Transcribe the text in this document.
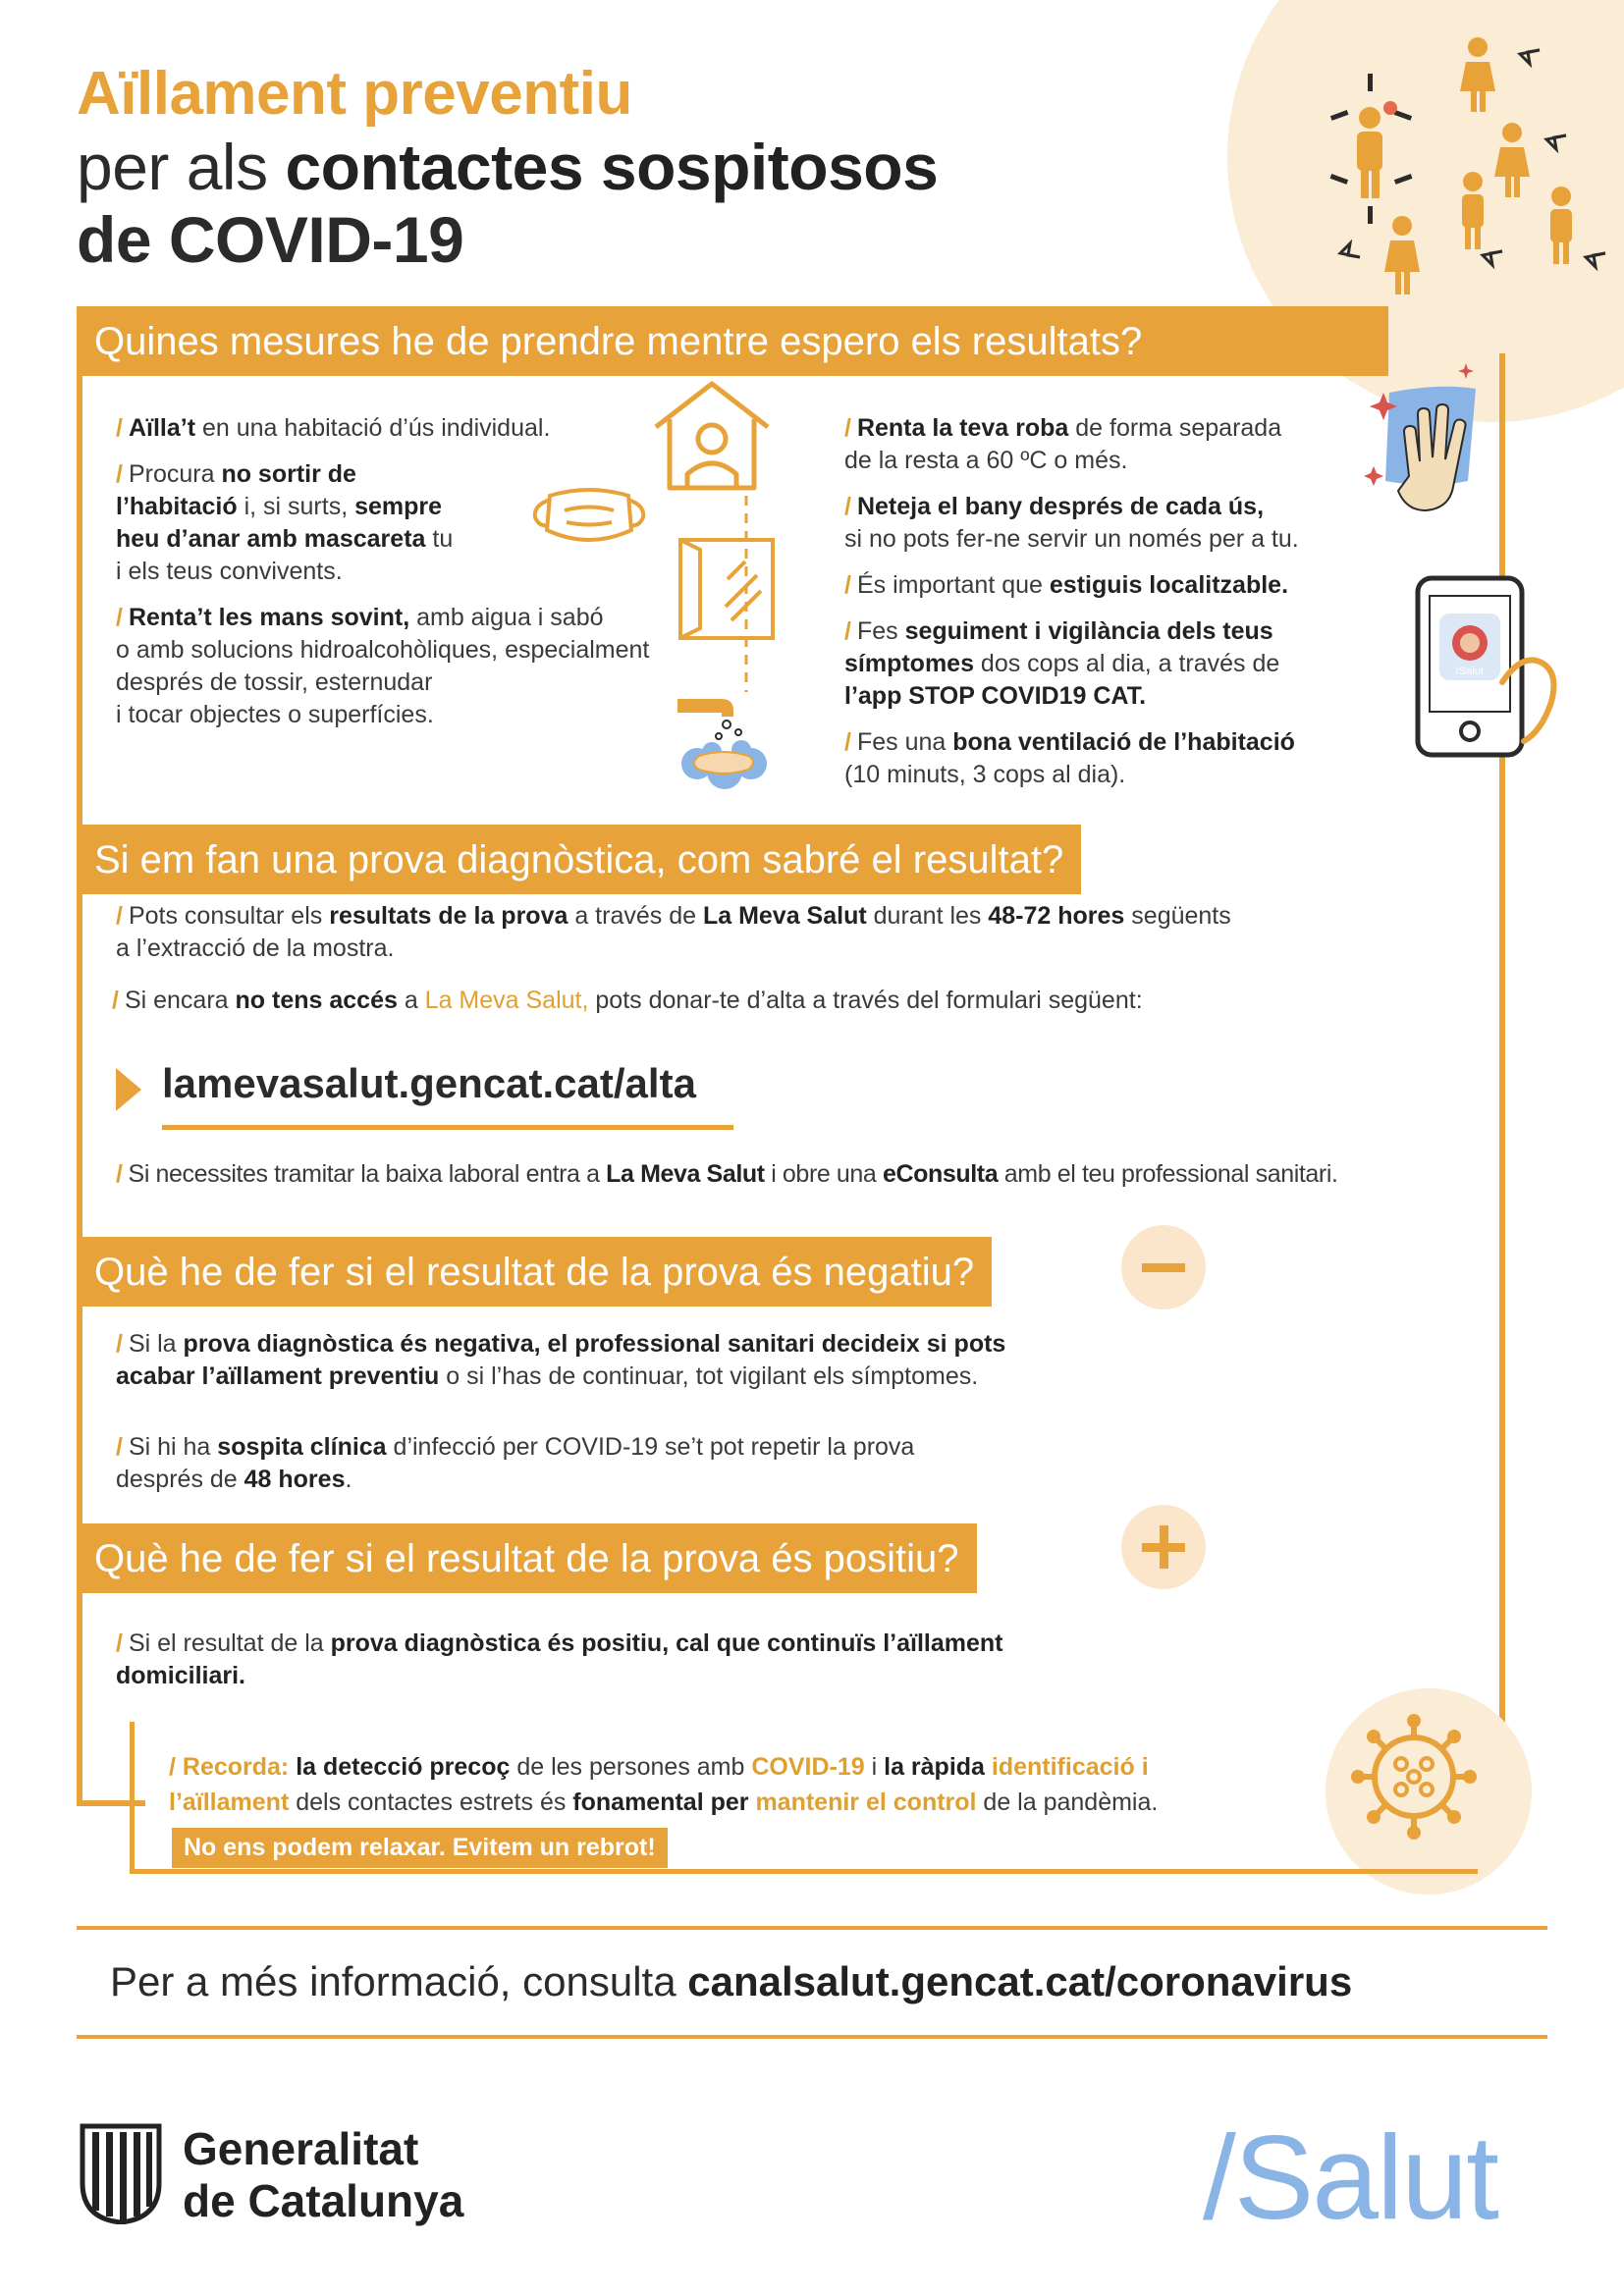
Aïllament preventiu
per als contactes sospitosos
de COVID-19
Quines mesures he de prendre mentre espero els resultats?
/ Aïlla’t en una habitació d’ús individual.
/ Procura no sortir de
l’habitació i, si surts, sempre
heu d’anar amb mascareta tu
i els teus convivents.
/ Renta’t les mans sovint, amb aigua i sabó
o amb solucions hidroalcohòliques, especialment
després de tossir, esternudar
i tocar objectes o superfícies.
/ Renta la teva roba de forma separada
de la resta a 60 ºC o més.
/ Neteja el bany després de cada ús,
si no pots fer-ne servir un només per a tu.
/ És important que estiguis localitzable.
/ Fes seguiment i vigilància dels teus
símptomes dos cops al dia, a través de
l’app STOP COVID19 CAT.
/ Fes una bona ventilació de l’habitació
(10 minuts, 3 cops al dia).
/Salut
Si em fan una prova diagnòstica, com sabré el resultat?
/ Pots consultar els resultats de la prova a través de La Meva Salut durant les 48-72 hores següents
a l’extracció de la mostra.
/ Si encara no tens accés a La Meva Salut, pots donar-te d’alta a través del formulari següent:
lamevasalut.gencat.cat/alta
/ Si necessites tramitar la baixa laboral entra a La Meva Salut i obre una eConsulta amb el teu professional sanitari.
Què he de fer si el resultat de la prova és negatiu?
/ Si la prova diagnòstica és negativa, el professional sanitari decideix si pots
acabar l’aïllament preventiu o si l’has de continuar, tot vigilant els símptomes.
/ Si hi ha sospita clínica d’infecció per COVID-19 se’t pot repetir la prova
després de 48 hores.
Què he de fer si el resultat de la prova és positiu?
/ Si el resultat de la prova diagnòstica és positiu, cal que continuïs l’aïllament
domiciliari.
/ Recorda: la detecció precoç de les persones amb COVID-19 i la ràpida identificació i
l’aïllament dels contactes estrets és fonamental per mantenir el control de la pandèmia.
No ens podem relaxar. Evitem un rebrot!
Per a més informació, consulta canalsalut.gencat.cat/coronavirus
Generalitat
de Catalunya	/Salut
